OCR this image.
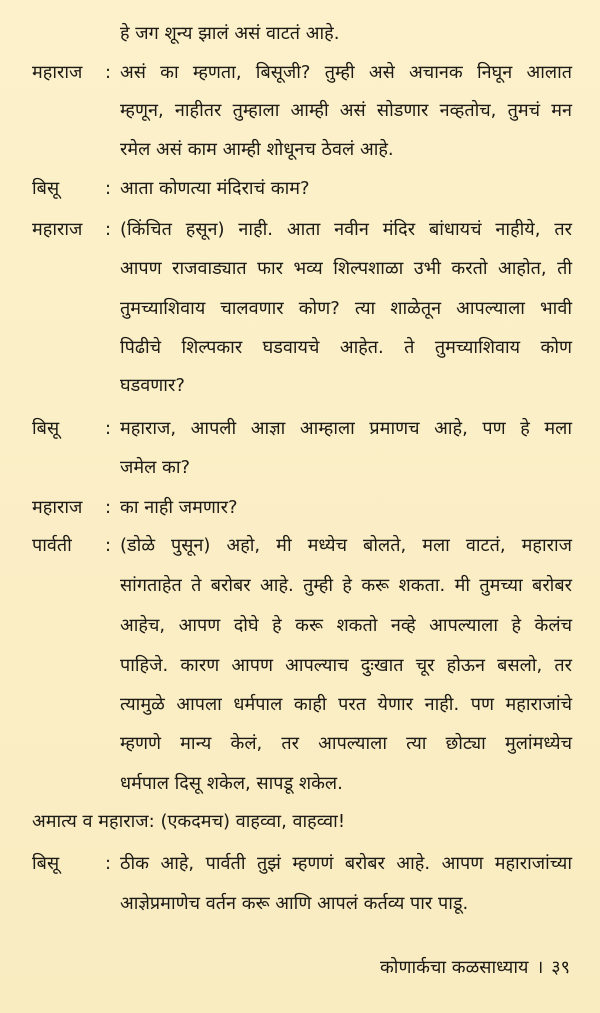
हे जग शून्य झालं असं वाटतं आहे.
महाराज : असं का म्हणता, बिसूजी? तुम्ही असे अचानक निघून आलात
म्हणून, नाहीतर तुम्हाला आम्ही असं सोडणार नव्हतोच, तुमचं मन
रमेल असं काम आम्ही शोधूनच ठेवलं आहे.
बिसू	: आता कोणत्या मंदिराचं काम?
महाराज : (किंचित हसून) नाही. आता नवीन मंदिर बांधायचं नाहीये, तर
आपण राजवाड्यात फार भव्य शिल्पशाळा उभी करतो आहोत, ती
तुमच्याशिवाय चालवणार कोण? त्या शाळेतून आपल्याला भावी
पिढीचे शिल्पकार घडवायचे आहेत. ते तुमच्याशिवाय कोण
घडवणार?
बिसू	: महाराज, आपली आज्ञा आम्हाला प्रमाणच आहे, पण हे मला
जमेल का?
महाराज : का नाही जमणार?
पार्वती : (डोळे पुसून) अहो, मी मध्येच बोलते, मला वाटतं, महाराज
सांगताहेत ते बरोबर आहे. तुम्ही हे करू शकता. मी तुमच्या बरोबर
आहेच, आपण दोघे हे करू शकतो नव्हे आपल्याला हे केलंच
पाहिजे. कारण आपण आपल्याच दुःखात चूर होऊन बसलो, तर
त्यामुळे आपला धर्मपाल काही परत येणार नाही. पण महाराजांचे
म्हणणे मान्य केलं, तर आपल्याला त्या छोट्या मुलांमध्येच
धर्मपाल दिसू शकेल, सापडू शकेल.
अमात्य व महाराज: (एकदमच) वाहव्वा, वाहव्वा!
बिसू	: ठीक आहे, पार्वती तुझं म्हणणं बरोबर आहे. आपण महाराजांच्या
आज्ञेप्रमाणेच वर्तन करू आणि आपलं कर्तव्य पार पाडू.
कोणार्कचा कळसाध्याय । ३९
